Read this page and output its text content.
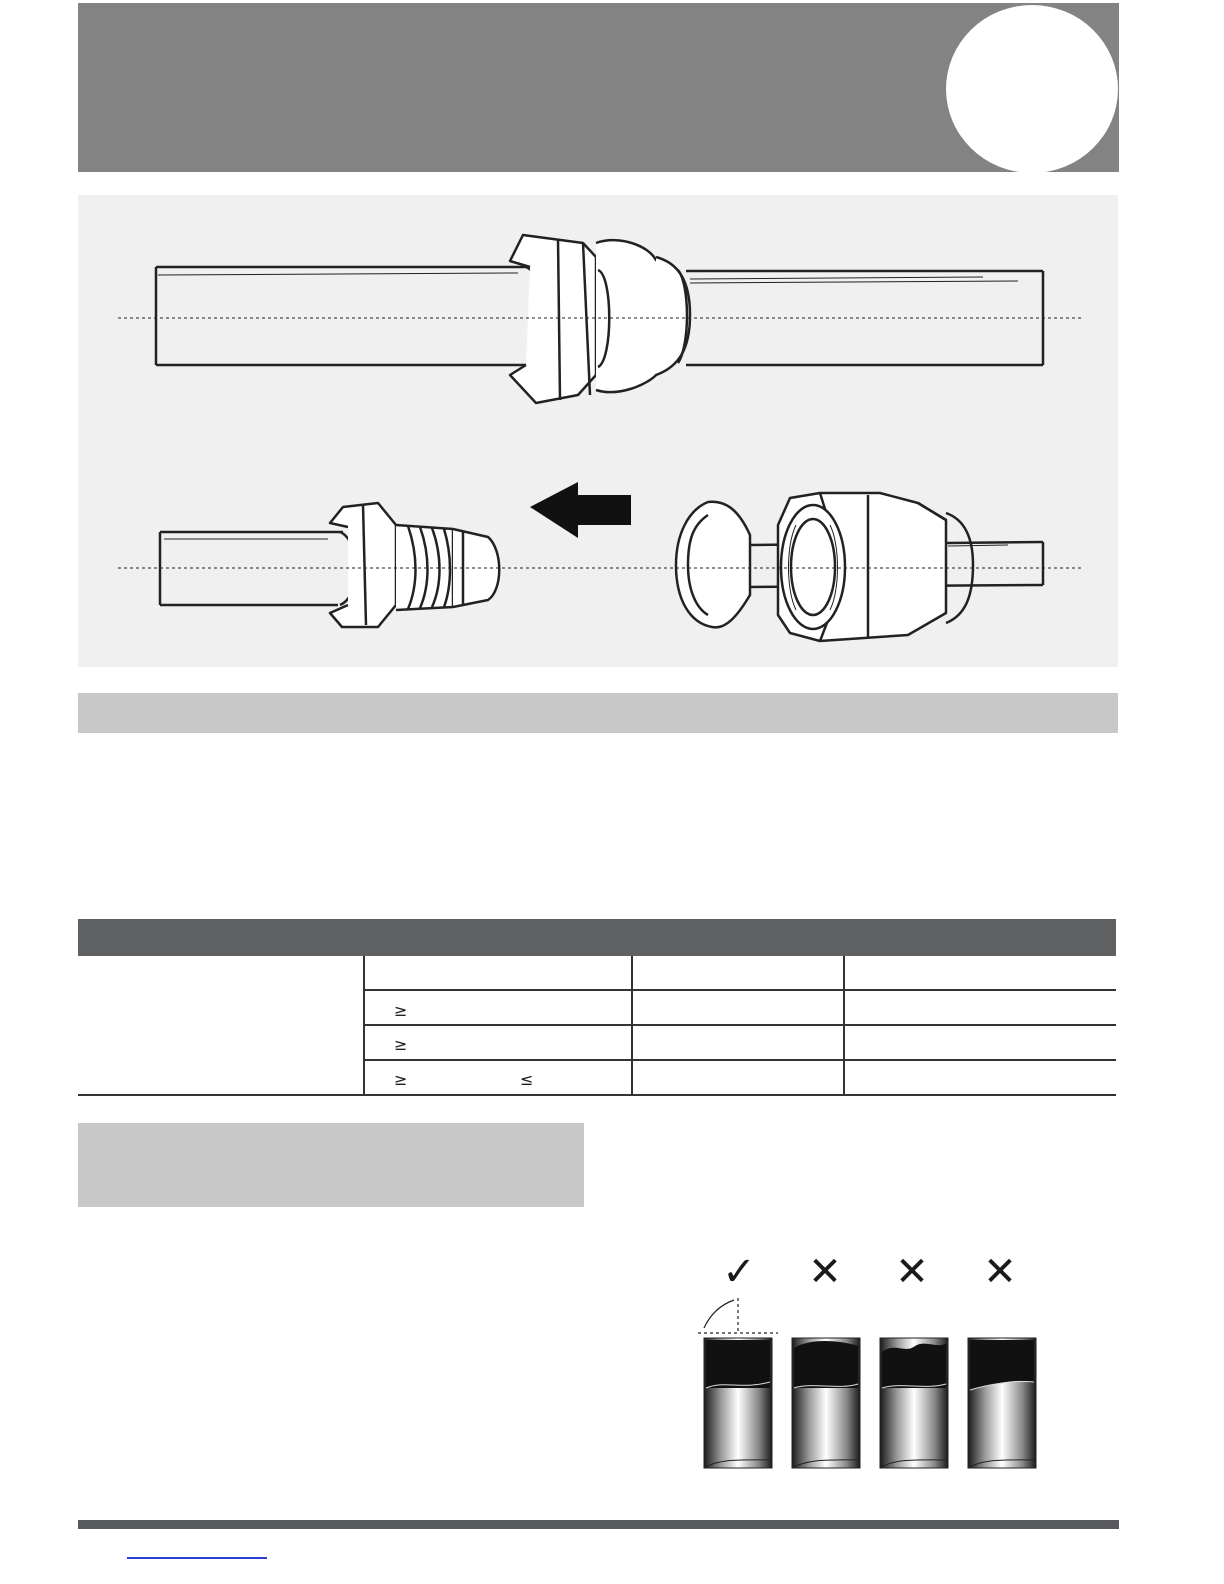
≥
≥
≥	≤
✓ ✕ ✕ ✕
